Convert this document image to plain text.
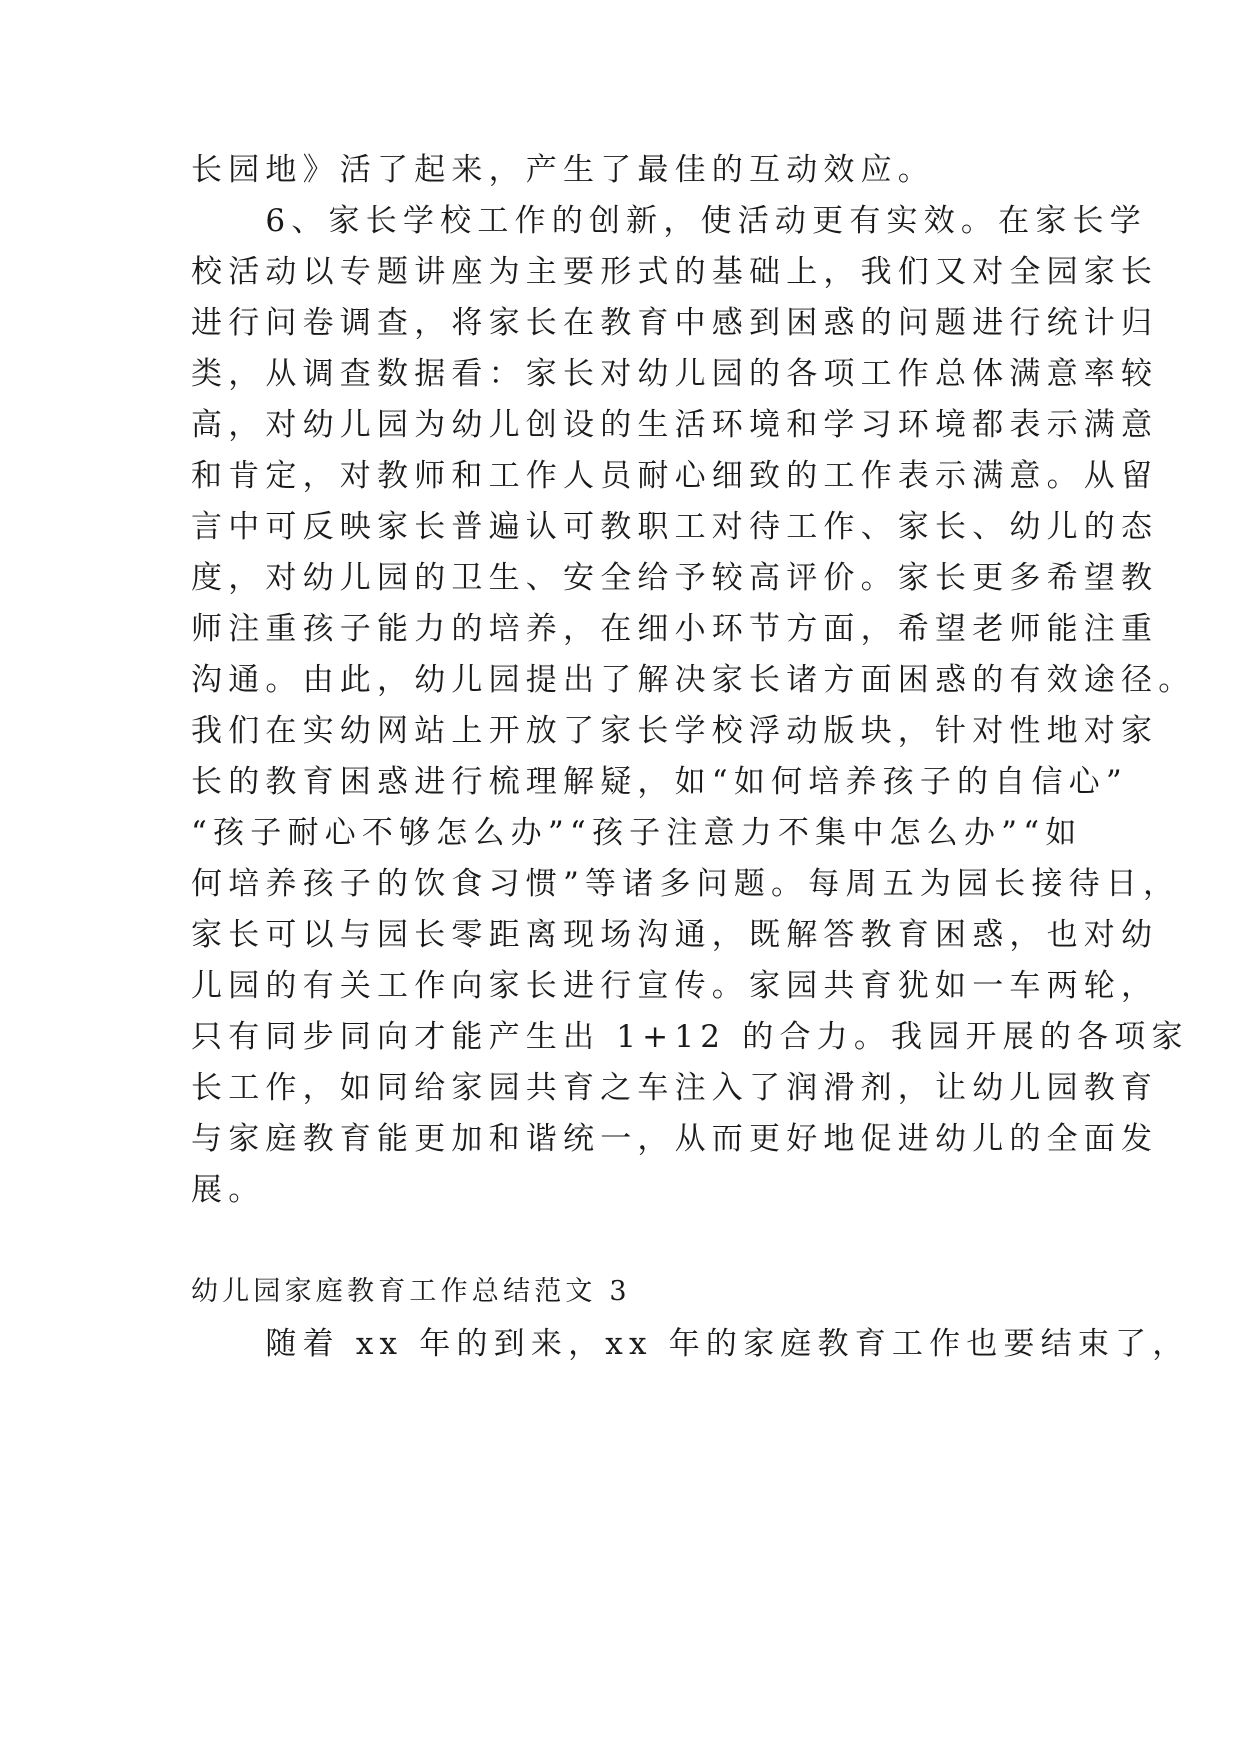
长园地》活了起来，产生了最佳的互动效应。
　　6、家长学校工作的创新，使活动更有实效。在家长学
校活动以专题讲座为主要形式的基础上，我们又对全园家长
进行问卷调查，将家长在教育中感到困惑的问题进行统计归
类，从调查数据看：家长对幼儿园的各项工作总体满意率较
高，对幼儿园为幼儿创设的生活环境和学习环境都表示满意
和肯定，对教师和工作人员耐心细致的工作表示满意。从留
言中可反映家长普遍认可教职工对待工作、家长、幼儿的态
度，对幼儿园的卫生、安全给予较高评价。家长更多希望教
师注重孩子能力的培养，在细小环节方面，希望老师能注重
沟通。由此，幼儿园提出了解决家长诸方面困惑的有效途径。
我们在实幼网站上开放了家长学校浮动版块，针对性地对家
长的教育困惑进行梳理解疑，如“如何培养孩子的自信心”
“孩子耐心不够怎么办”“孩子注意力不集中怎么办”“如
何培养孩子的饮食习惯”等诸多问题。每周五为园长接待日，
家长可以与园长零距离现场沟通，既解答教育困惑，也对幼
儿园的有关工作向家长进行宣传。家园共育犹如一车两轮，
只有同步同向才能产生出 1+12 的合力。我园开展的各项家
长工作，如同给家园共育之车注入了润滑剂，让幼儿园教育
与家庭教育能更加和谐统一，从而更好地促进幼儿的全面发
展。
幼儿园家庭教育工作总结范文 3
　　随着 xx 年的到来，xx 年的家庭教育工作也要结束了，
